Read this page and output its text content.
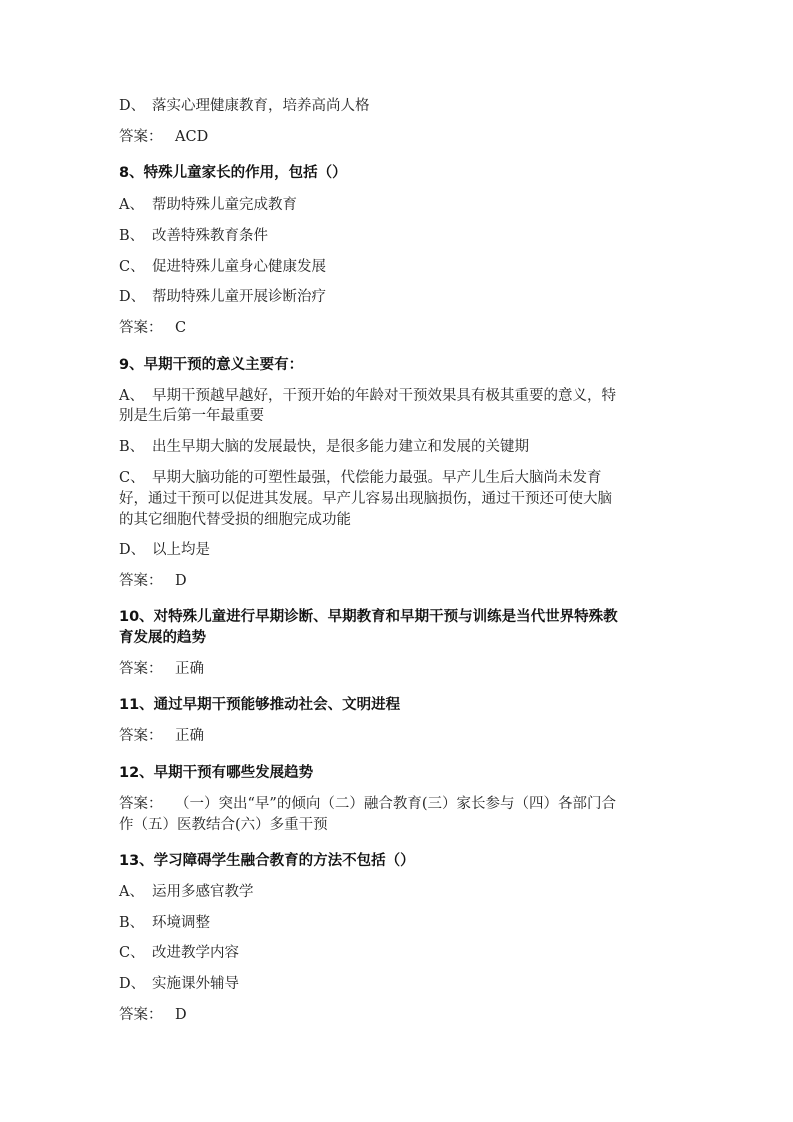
D、 落实心理健康教育，培养高尚人格
答案： ACD
8、特殊儿童家长的作用，包括（）
A、 帮助特殊儿童完成教育
B、 改善特殊教育条件
C、 促进特殊儿童身心健康发展
D、 帮助特殊儿童开展诊断治疗
答案： C
9、早期干预的意义主要有：
A、 早期干预越早越好，干预开始的年龄对干预效果具有极其重要的意义，特
别是生后第一年最重要
B、 出生早期大脑的发展最快，是很多能力建立和发展的关键期
C、 早期大脑功能的可塑性最强，代偿能力最强。早产儿生后大脑尚未发育
好，通过干预可以促进其发展。早产儿容易出现脑损伤，通过干预还可使大脑
的其它细胞代替受损的细胞完成功能
D、 以上均是
答案： D
10、对特殊儿童进行早期诊断、早期教育和早期干预与训练是当代世界特殊教
育发展的趋势
答案： 正确
11、通过早期干预能够推动社会、文明进程
答案： 正确
12、早期干预有哪些发展趋势
答案： （一）突出“早”的倾向（二）融合教育(三）家长参与（四）各部门合
作（五）医教结合(六）多重干预
13、学习障碍学生融合教育的方法不包括（）
A、 运用多感官教学
B、 环境调整
C、 改进教学内容
D、 实施课外辅导
答案： D
